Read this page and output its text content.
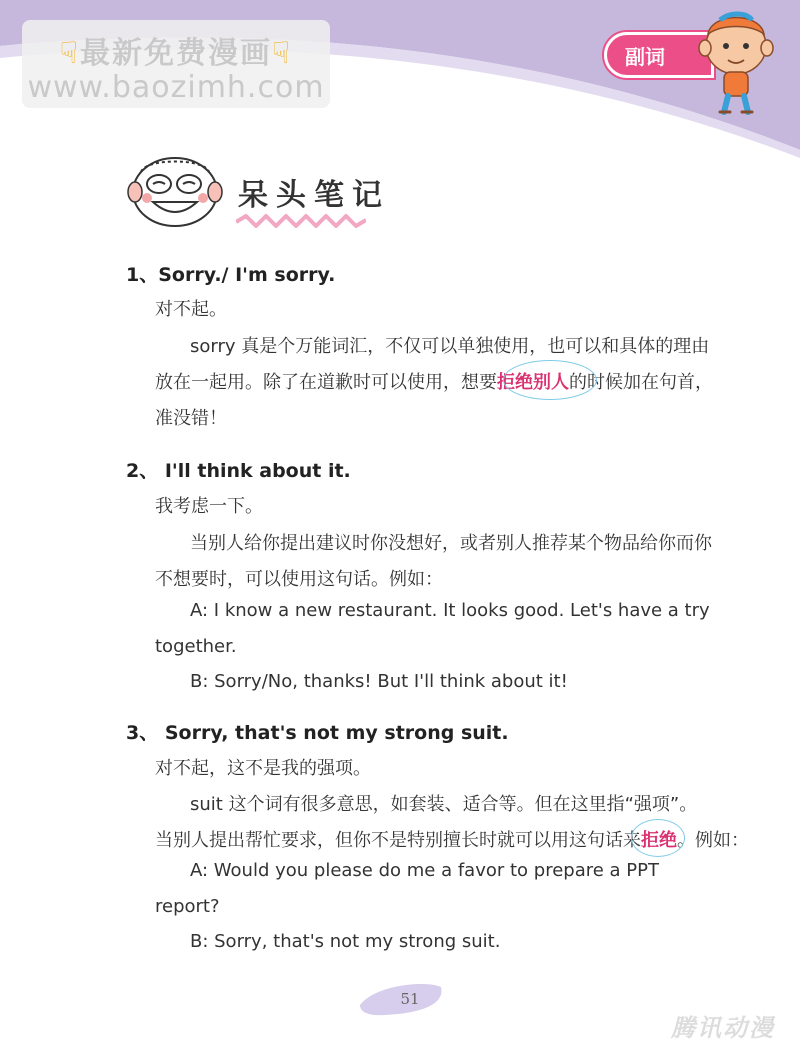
☟最新免费漫画☟
www.baozimh.com
副词
呆头笔记
1、Sorry./ I'm sorry.
对不起。
sorry 真是个万能词汇，不仅可以单独使用，也可以和具体的理由
放在一起用。除了在道歉时可以使用，想要拒绝别人的时候加在句首，
准没错！
2、 I'll think about it.
我考虑一下。
当别人给你提出建议时你没想好，或者别人推荐某个物品给你而你
不想要时，可以使用这句话。例如：
A: I know a new restaurant. It looks good. Let's have a try
together.
B: Sorry/No, thanks! But I'll think about it!
3、 Sorry, that's not my strong suit.
对不起，这不是我的强项。
suit 这个词有很多意思，如套装、适合等。但在这里指“强项”。
当别人提出帮忙要求，但你不是特别擅长时就可以用这句话来拒绝。例如：
A: Would you please do me a favor to prepare a PPT
report?
B: Sorry, that's not my strong suit.
51
腾讯动漫
